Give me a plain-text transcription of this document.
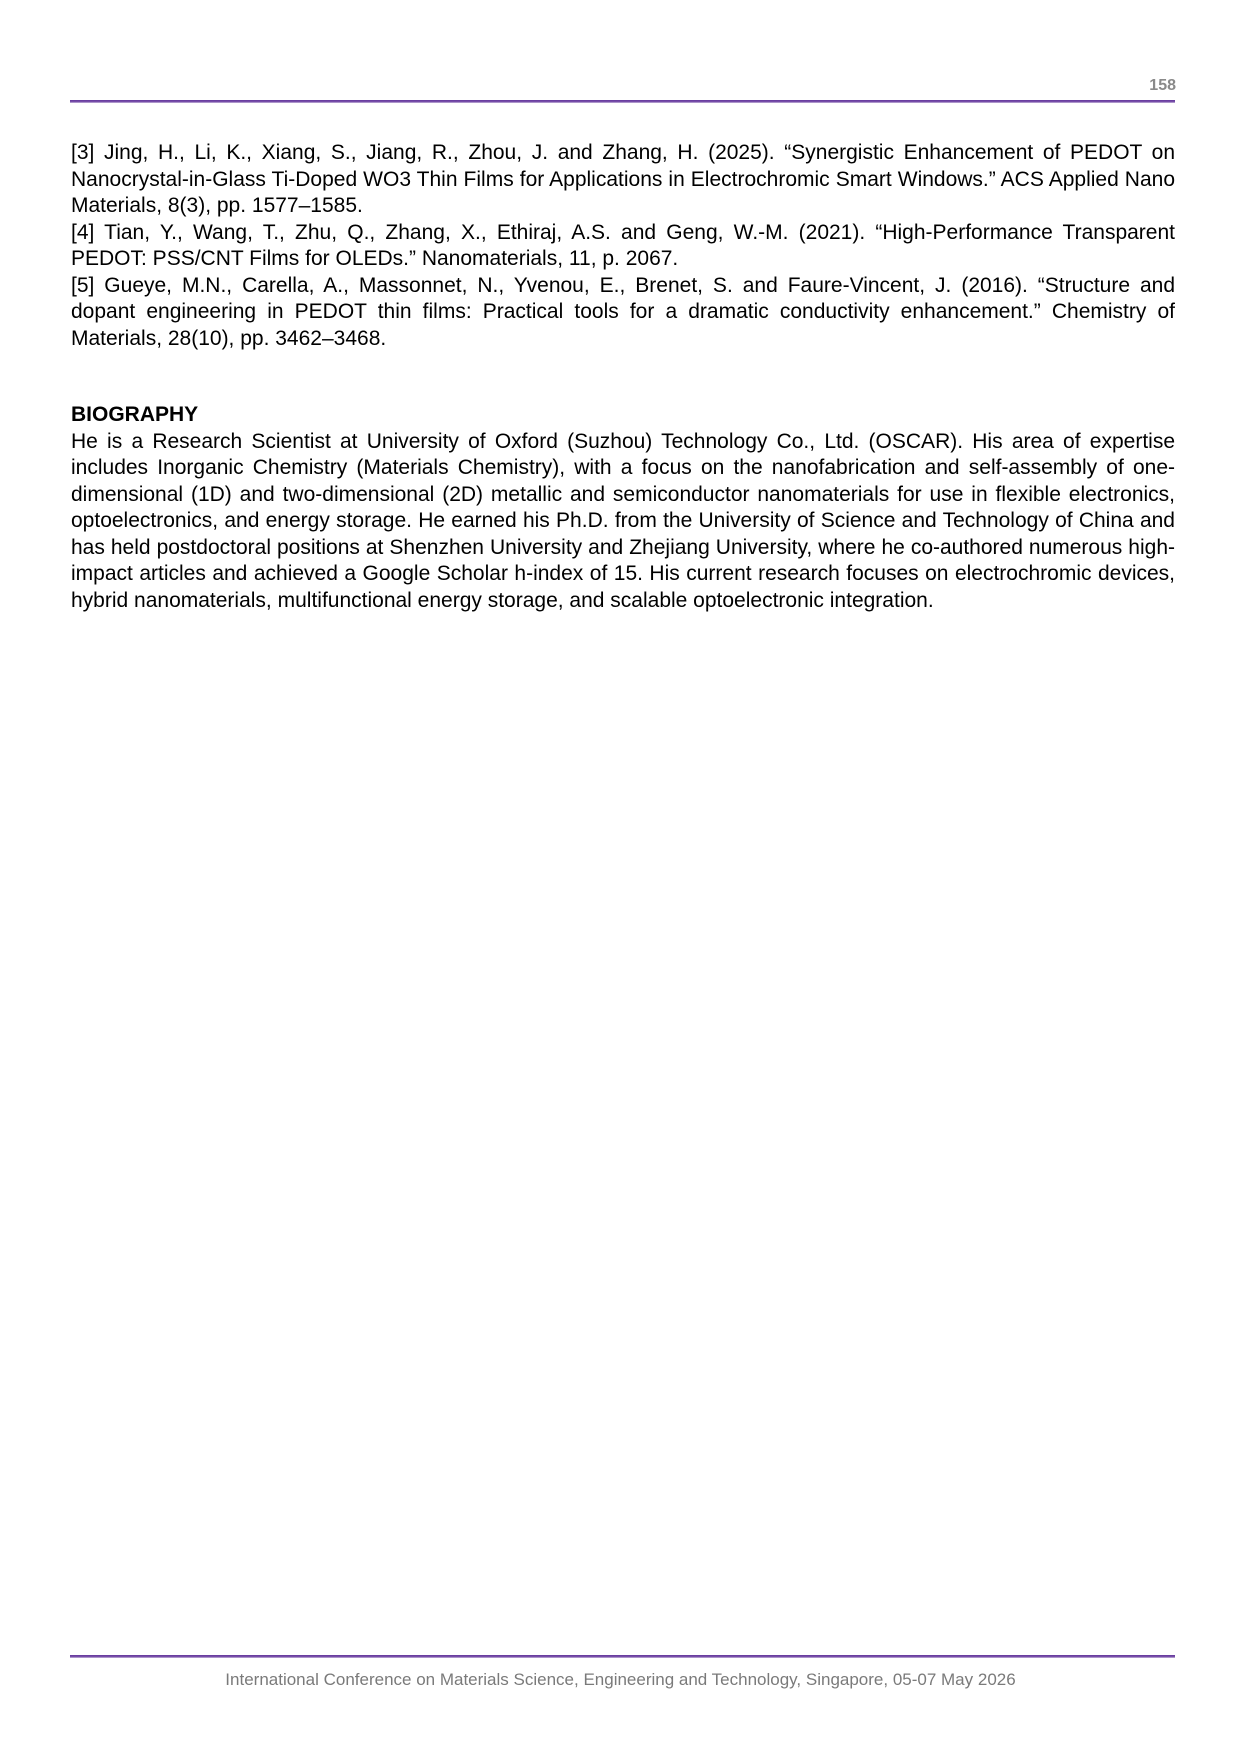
158

[3] Jing, H., Li, K., Xiang, S., Jiang, R., Zhou, J. and Zhang, H. (2025). “Synergistic Enhancement of PEDOT on Nanocrystal-in-Glass Ti-Doped WO3 Thin Films for Applications in Electrochromic Smart Windows.” ACS Applied Nano Materials, 8(3), pp. 1577–1585.

[4] Tian, Y., Wang, T., Zhu, Q., Zhang, X., Ethiraj, A.S. and Geng, W.-M. (2021). “High-Performance Transparent PEDOT: PSS/CNT Films for OLEDs.” Nanomaterials, 11, p. 2067.

[5] Gueye, M.N., Carella, A., Massonnet, N., Yvenou, E., Brenet, S. and Faure-Vincent, J. (2016). “Structure and dopant engineering in PEDOT thin films: Practical tools for a dramatic conductivity enhancement.” Chemistry of Materials, 28(10), pp. 3462–3468.

BIOGRAPHY

He is a Research Scientist at University of Oxford (Suzhou) Technology Co., Ltd. (OSCAR). His area of expertise includes Inorganic Chemistry (Materials Chemistry), with a focus on the nanofabrication and self-assembly of one-dimensional (1D) and two-dimensional (2D) metallic and semiconductor nanomaterials for use in flexible electronics, optoelectronics, and energy storage. He earned his Ph.D. from the University of Science and Technology of China and has held postdoctoral positions at Shenzhen University and Zhejiang University, where he co-authored numerous high-impact articles and achieved a Google Scholar h-index of 15. His current research focuses on electrochromic devices, hybrid nanomaterials, multifunctional energy storage, and scalable optoelectronic integration.

International Conference on Materials Science, Engineering and Technology, Singapore, 05-07 May 2026
